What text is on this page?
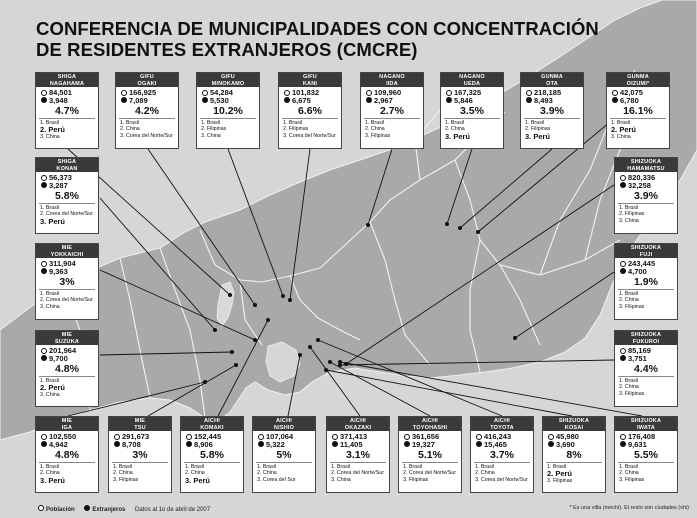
CONFERENCIA DE MUNICIPALIDADES CON CONCENTRACIÓN
DE RESIDENTES EXTRANJEROS (CMCRE)
SHIGA
NAGAHAMA
84,501
3,948
4.7%
1. Brasil
2. Perú
3. China
GIFU
OGAKI
166,925
7,089
4.2%
1. Brasil
2. China
3. Corea del Norte/Sur
GIFU
MINOKAMO
54,284
5,530
10.2%
1. Brasil
2. Filipinas
3. China
GIFU
KANI
101,832
6,675
6.6%
1. Brasil
2. Filipinas
3. Corea del Norte/Sur
NAGANO
IIDA
109,960
2,967
2.7%
1. Brasil
2. China
3. Filipinas
NAGANO
UEDA
167,325
5,846
3.5%
1. Brasil
2. China
3. Perú
GUNMA
OTA
218,185
8,493
3.9%
1. Brasil
2. Filipinas
3. Perú
GUNMA
OIZUMI*
42,075
6,780
16.1%
1. Brasil
2. Perú
3. China
SHIGA
KONAN
56,373
3,287
5.8%
1. Brasil
2. Corea del Norte/Sur
3. Perú
SHIZUOKA
HAMAMATSU
820,336
32,258
3.9%
1. Brasil
2. Filipinas
3. China
MIE
YOKKAICHI
311,904
9,363
3%
1. Brasil
2. Corea del Norte/Sur
3. China
SHIZUOKA
FUJI
243,445
4,700
1.9%
1. Brasil
2. China
3. Filipinas
MIE
SUZUKA
201,964
9,700
4.8%
1. Brasil
2. Perú
3. China
SHIZUOKA
FUKUROI
85,169
3,751
4.4%
1. Brasil
2. China
3. Filipinas
MIE
IGA
102,550
4,942
4.8%
1. Brasil
2. China
3. Perú
MIE
TSU
291,673
8,708
3%
1. Brasil
2. China
3. Filipinas
AICHI
KOMAKI
152,445
8,906
5.8%
1. Brasil
2. China
3. Perú
AICHI
NISHIO
107,064
5,322
5%
1. Brasil
2. China
3. Corea del Sur
AICHI
OKAZAKI
371,413
11,405
3.1%
1. Brasil
2. Corea del Norte/Sur
3. China
AICHI
TOYOHASHI
361,656
19,327
5.1%
1. Brasil
2. Corea del Norte/Sur
3. Filipinas
AICHI
TOYOTA
416,243
15,465
3.7%
1. Brasil
2. China
3. Corea del Norte/Sur
SHIZUOKA
KOSAI
45,980
3,690
8%
1. Brasil
2. Perú
3. Filipinas
SHIZUOKA
IWATA
176,408
9,631
5.5%
1. Brasil
2. China
3. Filipinas
Población	Extranjeros Datos al 1o de abril de 2007	* Es una villa (mechi). El resto son ciudades (shi)
